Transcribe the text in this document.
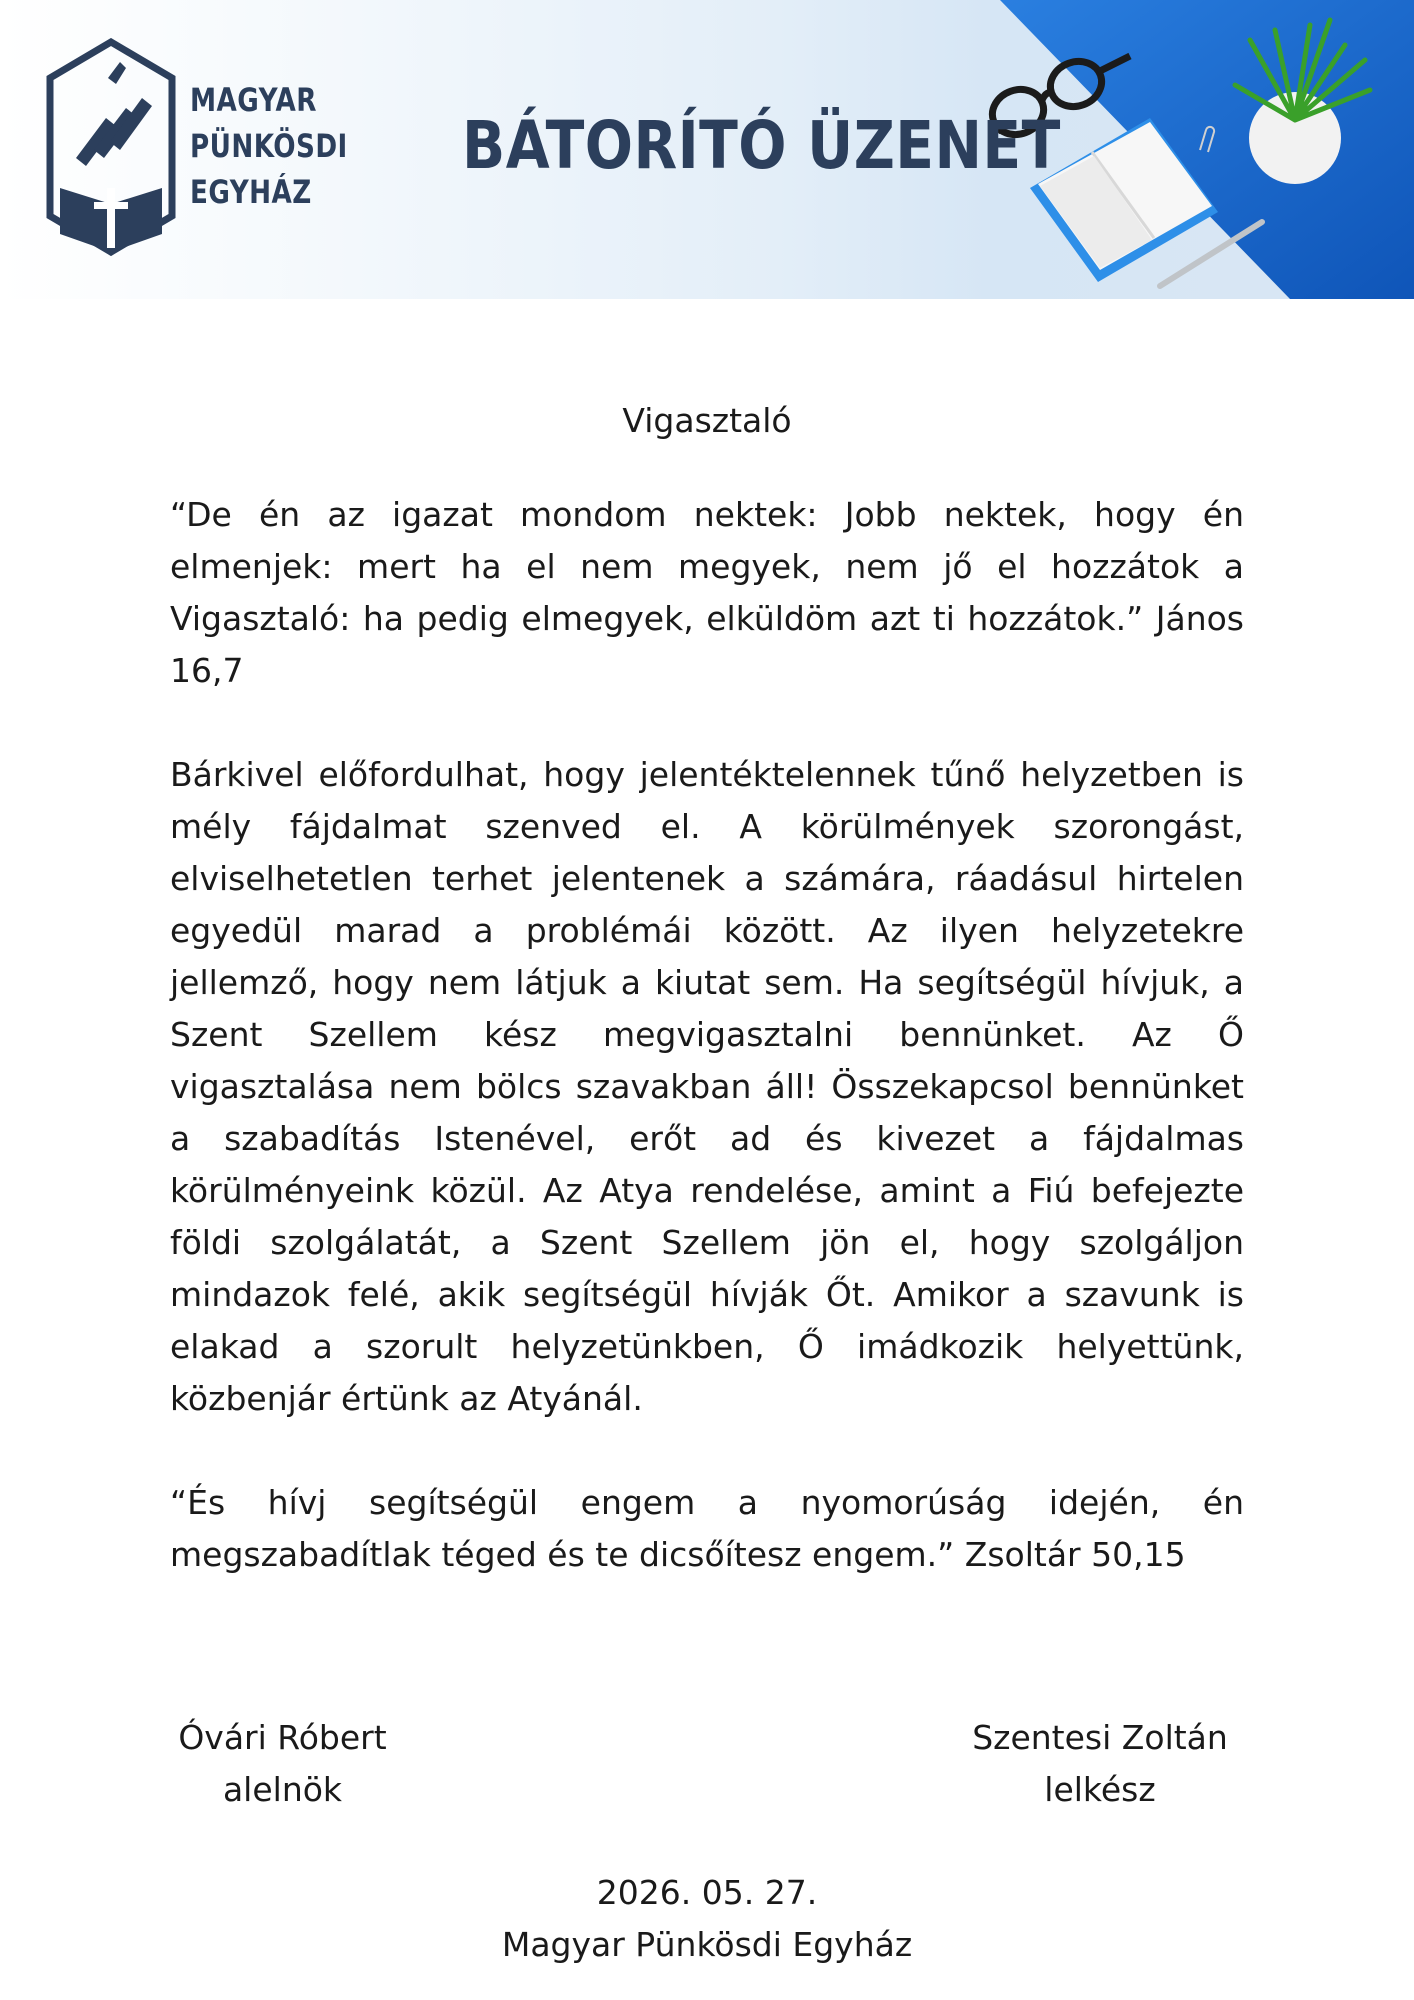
MAGYAR
PÜNKÖSDI
EGYHÁZ
BÁTORÍTÓ ÜZENET
Vigasztaló

“De én az igazat mondom nektek: Jobb nektek, hogy én elmenjek: mert ha el nem megyek, nem jő el hozzátok a Vigasztaló: ha pedig elmegyek, elküldöm azt ti hozzátok.” János 16,7

Bárkivel előfordulhat, hogy jelentéktelennek tűnő helyzetben is mély fájdalmat szenved el. A körülmények szorongást, elviselhetetlen terhet jelentenek a számára, ráadásul hirtelen egyedül marad a problémái között. Az ilyen helyzetekre jellemző, hogy nem látjuk a kiutat sem. Ha segítségül hívjuk, a Szent Szellem kész megvigasztalni bennünket. Az Ő vigasztalása nem bölcs szavakban áll! Összekapcsol bennünket a szabadítás Istenével, erőt ad és kivezet a fájdalmas körülményeink közül. Az Atya rendelése, amint a Fiú befejezte földi szolgálatát, a Szent Szellem jön el, hogy szolgáljon mindazok felé, akik segítségül hívják Őt. Amikor a szavunk is elakad a szorult helyzetünkben, Ő imádkozik helyettünk, közbenjár értünk az Atyánál.

“És hívj segítségül engem a nyomorúság idején, én megszabadítlak téged és te dicsőítesz engem.” Zsoltár 50,15

Óvári Róbert
alelnök
Szentesi Zoltán
lelkész
2026. 05. 27.
Magyar Pünkösdi Egyház
